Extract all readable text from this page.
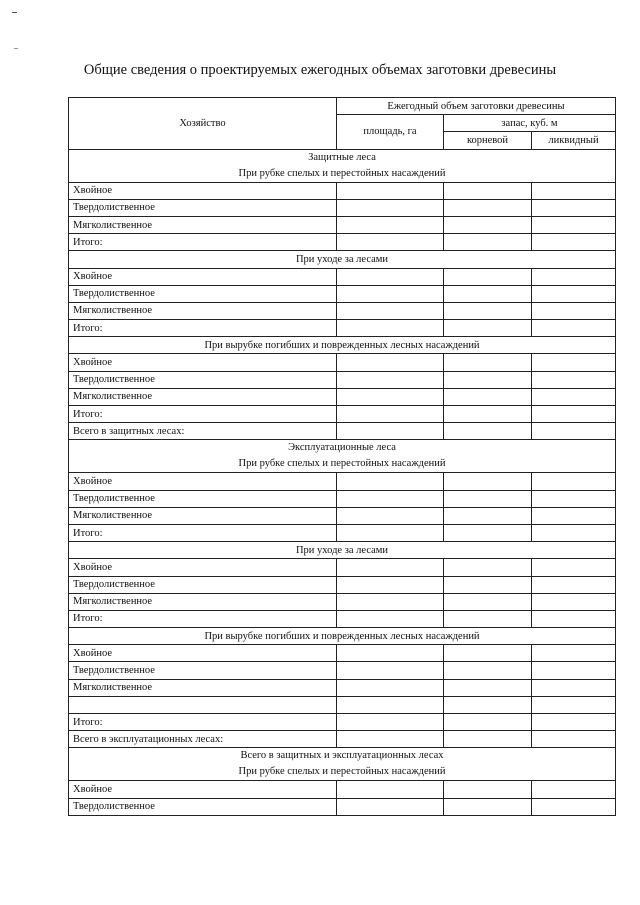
Общие сведения о проектируемых ежегодных объемах заготовки древесины
Хозяйство	Ежегодный объем заготовки древесины		
	площадь, га	запас, куб. м	
		корневой	ликвидный

Защитные леса
При рубке спелых и перестойных насаждений			

Хвойное			
Твердолиственное			
Мягколиственное			
Итого:			

При уходе за лесами			

Хвойное			
Твердолиственное			
Мягколиственное			
Итого:			

При вырубке погибших и поврежденных лесных насаждений			

Хвойное			
Твердолиственное			
Мягколиственное			
Итого:			
Всего в защитных лесах:			

Эксплуатационные леса
При рубке спелых и перестойных насаждений			

Хвойное			
Твердолиственное			
Мягколиственное			
Итого:			

При уходе за лесами			

Хвойное			
Твердолиственное			
Мягколиственное			
Итого:			

При вырубке погибших и поврежденных лесных насаждений			

Хвойное			
Твердолиственное			
Мягколиственное			

Итого:			
Всего в эксплуатационных лесах:			

Всего в защитных и эксплуатационных лесах
При рубке спелых и перестойных насаждений			

Хвойное			
Твердолиственное			
